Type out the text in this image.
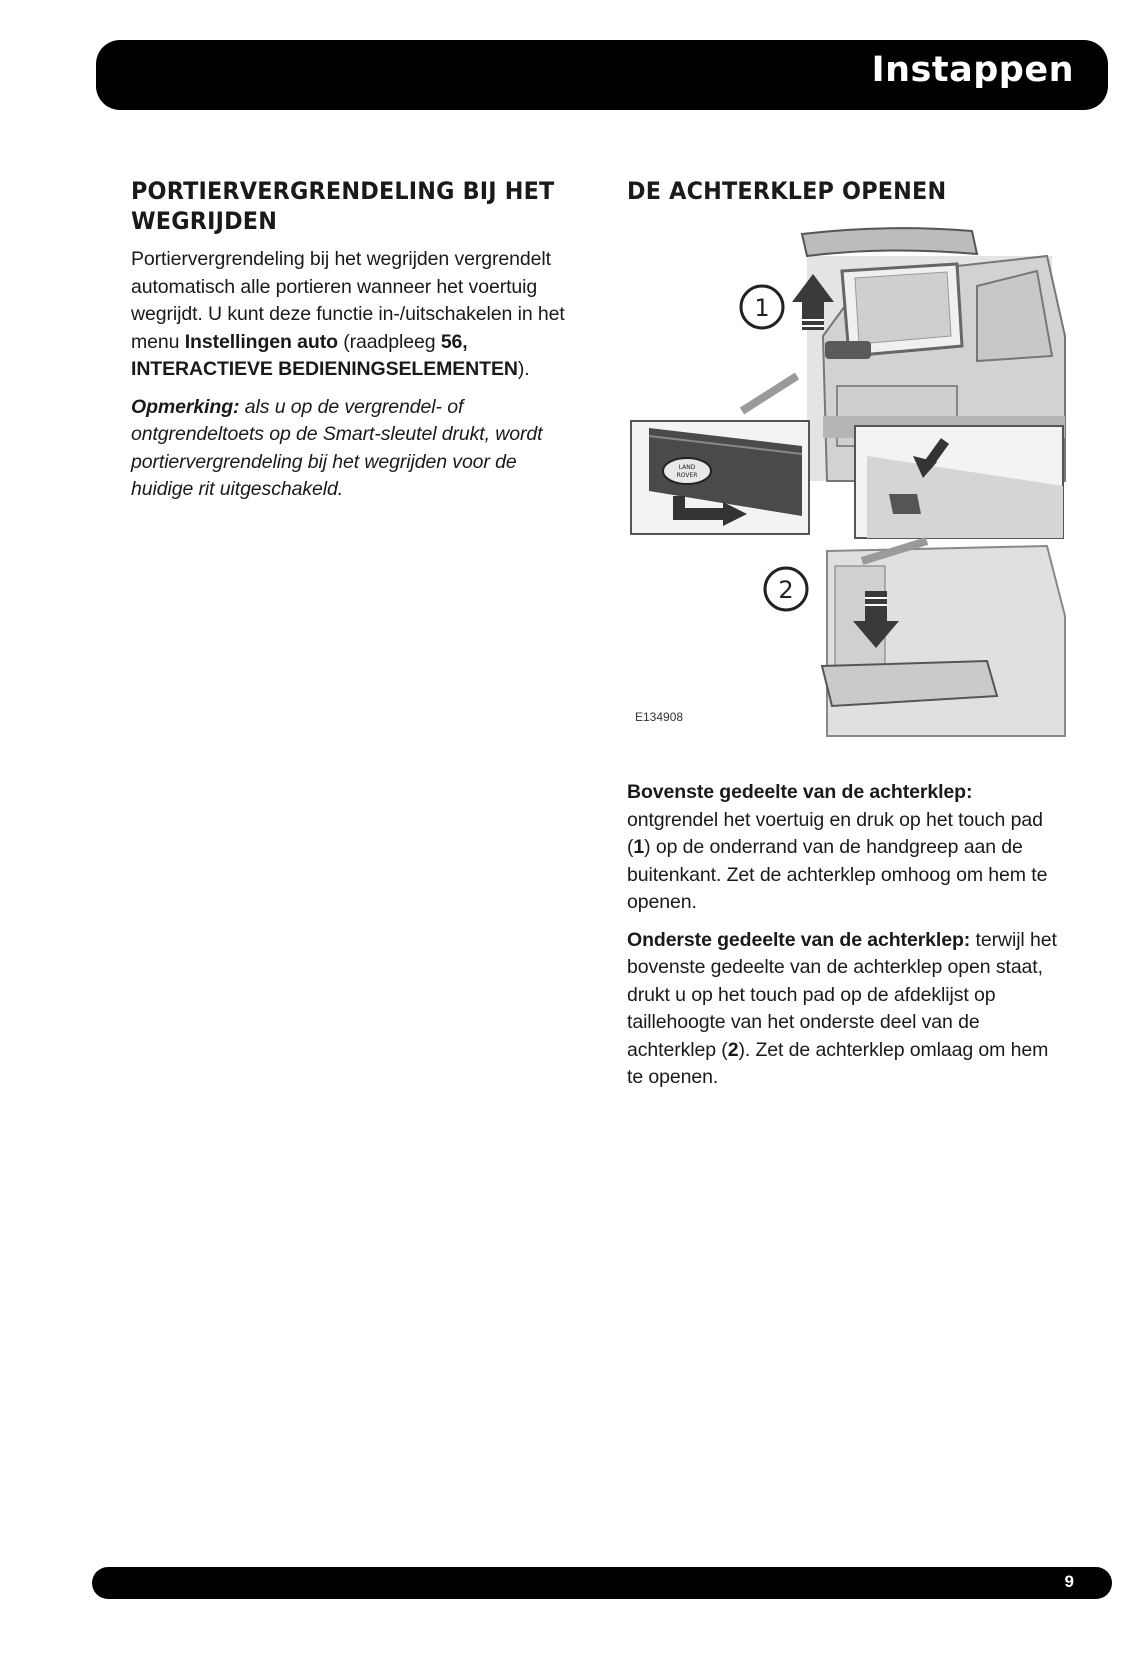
Instappen
PORTIERVERGRENDELING BIJ HET
WEGRIJDEN

Portiervergrendeling bij het wegrijden vergrendelt automatisch alle portieren wanneer het voertuig wegrijdt. U kunt deze functie in-/uitschakelen in het menu Instellingen auto (raadpleeg 56, INTERACTIEVE BEDIENINGSELEMENTEN).

Opmerking: als u op de vergrendel- of ontgrendeltoets op de Smart-sleutel drukt, wordt portiervergrendeling bij het wegrijden voor de huidige rit uitgeschakeld.

DE ACHTERKLEP OPENEN
1
LAND
ROVER
2
E134908

Bovenste gedeelte van de achterklep: ontgrendel het voertuig en druk op het touch pad (1) op de onderrand van de handgreep aan de buitenkant. Zet de achterklep omhoog om hem te openen.

Onderste gedeelte van de achterklep: terwijl het bovenste gedeelte van de achterklep open staat, drukt u op het touch pad op de afdeklijst op taillehoogte van het onderste deel van de achterklep (2). Zet de achterklep omlaag om hem te openen.

9
